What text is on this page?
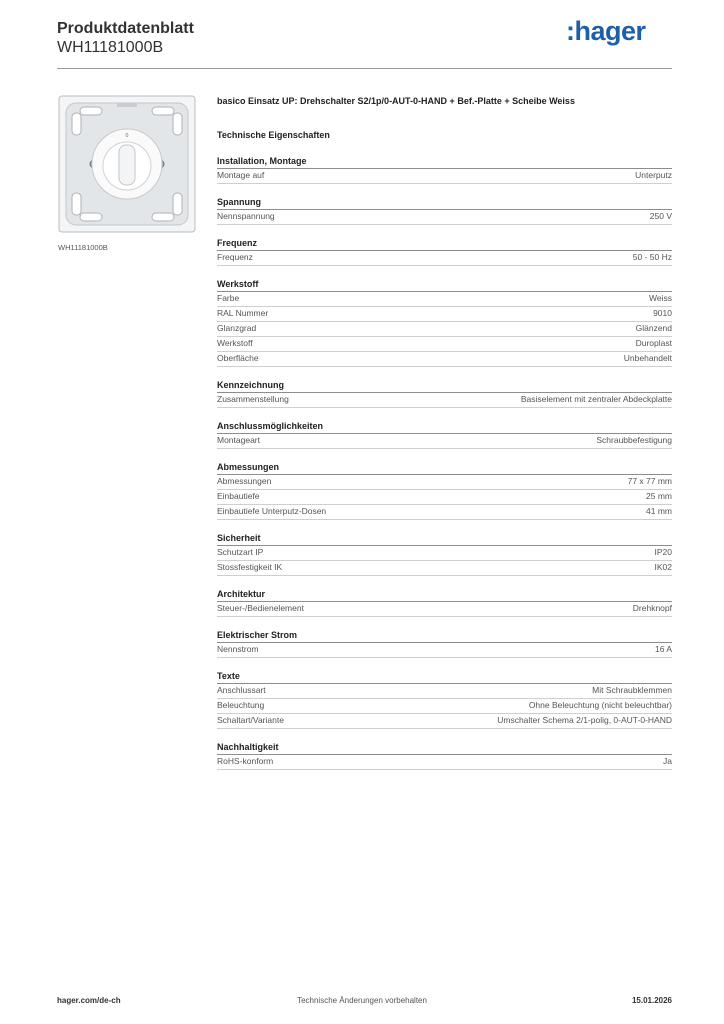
Produktdatenblatt
WH11181000B
:hager
0
WH11181000B
basico Einsatz UP: Drehschalter S2/1p/0-AUT-0-HAND + Bef.-Platte + Scheibe Weiss
Technische Eigenschaften
Installation, Montage
Montage auf	Unterputz
Spannung
Nennspannung	250 V
Frequenz
Frequenz	50 - 50 Hz
Werkstoff
Farbe	Weiss
RAL Nummer	9010
Glanzgrad	Glänzend
Werkstoff	Duroplast
Oberfläche	Unbehandelt
Kennzeichnung
Zusammenstellung	Basiselement mit zentraler Abdeckplatte
Anschlussmöglichkeiten
Montageart	Schraubbefestigung
Abmessungen
Abmessungen	77 x 77 mm
Einbautiefe	25 mm
Einbautiefe Unterputz-Dosen	41 mm
Sicherheit
Schutzart IP	IP20
Stossfestigkeit IK	IK02
Architektur
Steuer-/Bedienelement	Drehknopf
Elektrischer Strom
Nennstrom	16 A
Texte
Anschlussart	Mit Schraubklemmen
Beleuchtung	Ohne Beleuchtung (nicht beleuchtbar)
Schaltart/Variante	Umschalter Schema 2/1-polig, 0-AUT-0-HAND
Nachhaltigkeit
RoHS-konform	Ja
hager.com/de-ch	Technische Änderungen vorbehalten	15.01.2026
